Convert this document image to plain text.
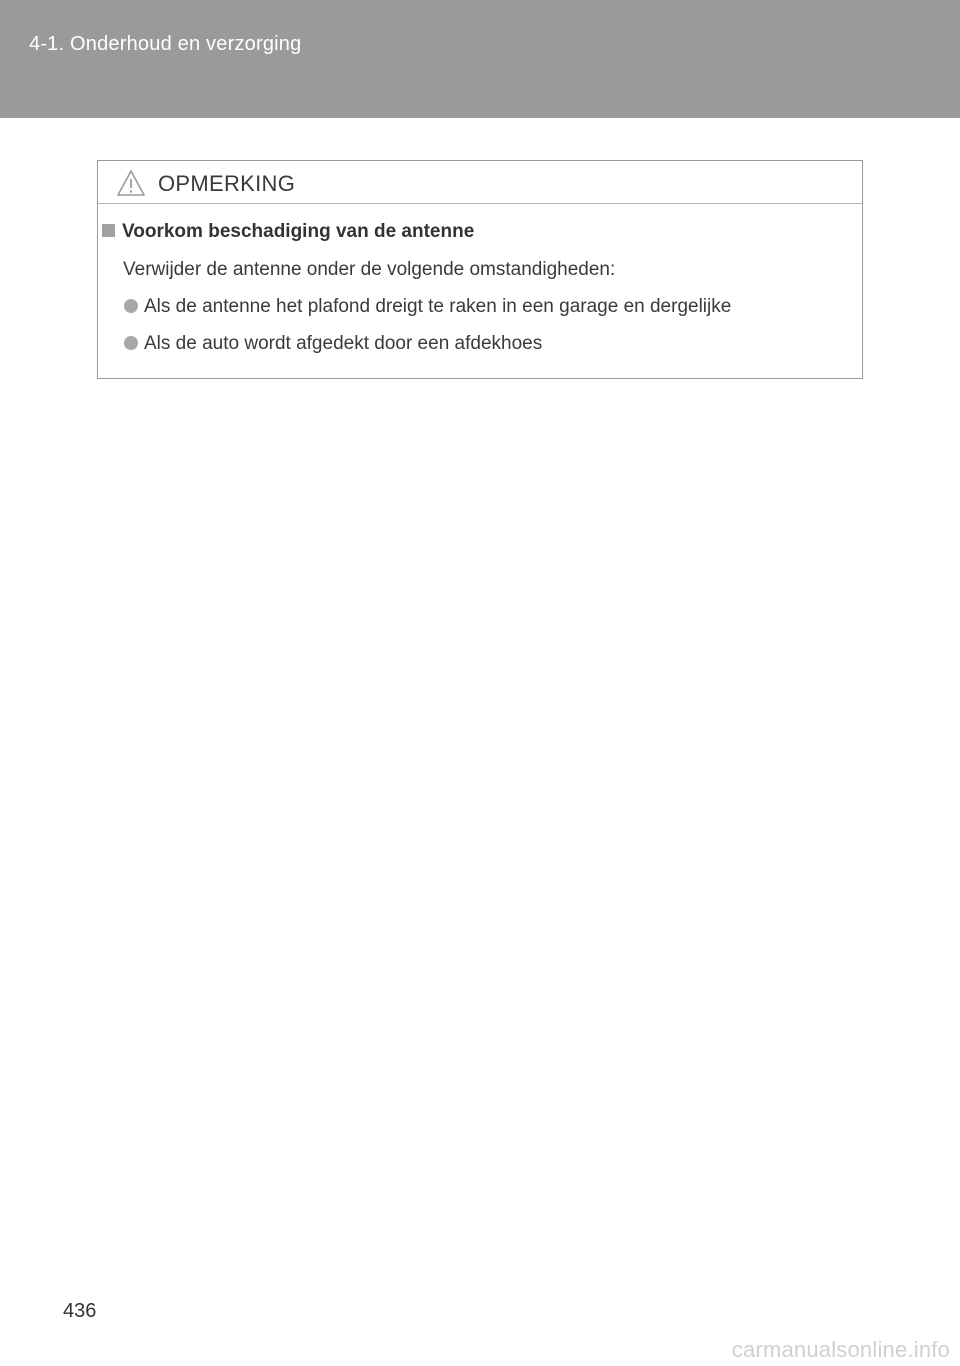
4-1. Onderhoud en verzorging
OPMERKING
Voorkom beschadiging van de antenne
Verwijder de antenne onder de volgende omstandigheden:
Als de antenne het plafond dreigt te raken in een garage en dergelijke
Als de auto wordt afgedekt door een afdekhoes
436
carmanualsonline.info
